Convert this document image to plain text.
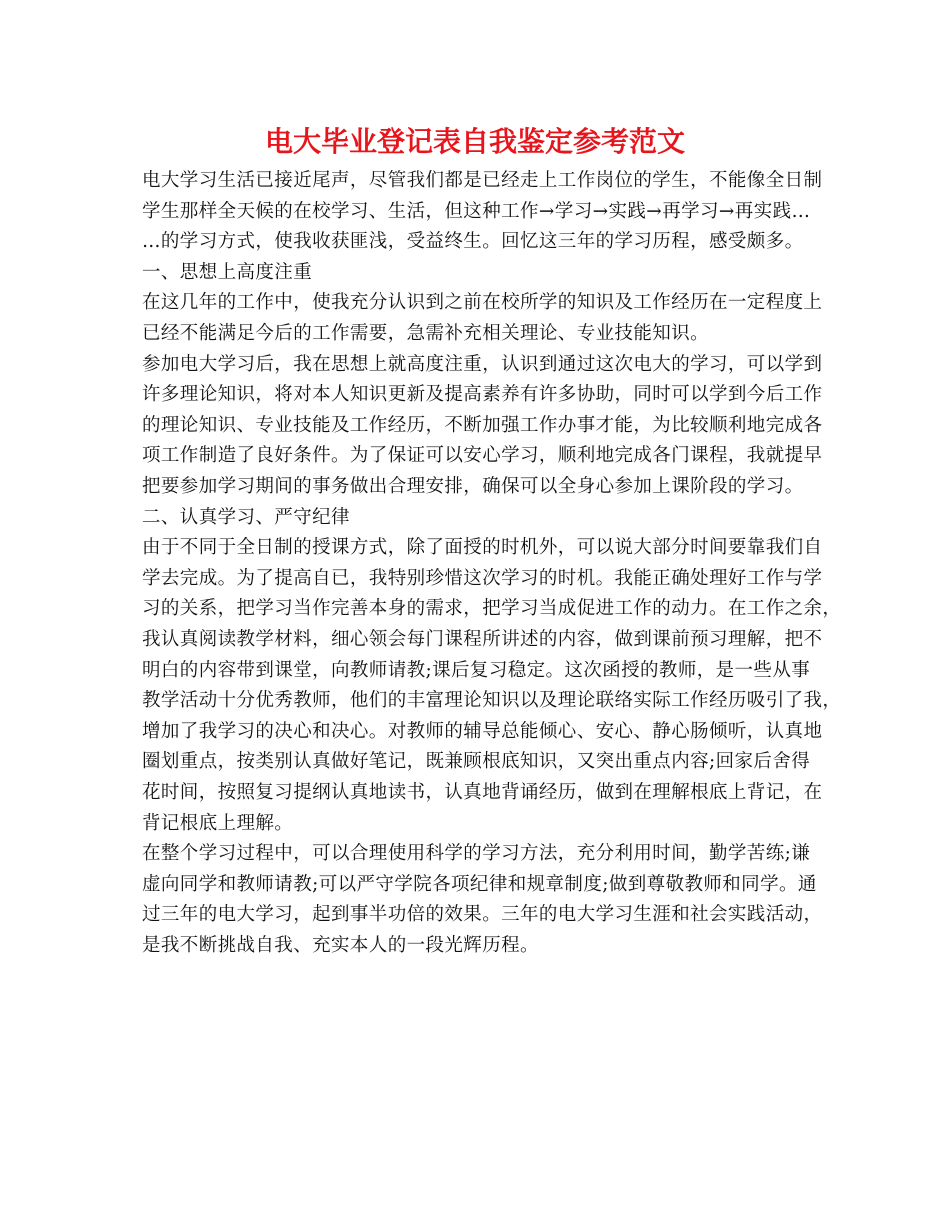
电大毕业登记表自我鉴定参考范文
电大学习生活已接近尾声，尽管我们都是已经走上工作岗位的学生，不能像全日制
学生那样全天候的在校学习、生活，但这种工作→学习→实践→再学习→再实践…
…的学习方式，使我收获匪浅，受益终生。回忆这三年的学习历程，感受颇多。
一、思想上高度注重
在这几年的工作中，使我充分认识到之前在校所学的知识及工作经历在一定程度上
已经不能满足今后的工作需要，急需补充相关理论、专业技能知识。
参加电大学习后，我在思想上就高度注重，认识到通过这次电大的学习，可以学到
许多理论知识，将对本人知识更新及提高素养有许多协助，同时可以学到今后工作
的理论知识、专业技能及工作经历，不断加强工作办事才能，为比较顺利地完成各
项工作制造了良好条件。为了保证可以安心学习，顺利地完成各门课程，我就提早
把要参加学习期间的事务做出合理安排，确保可以全身心参加上课阶段的学习。
二、认真学习、严守纪律
由于不同于全日制的授课方式，除了面授的时机外，可以说大部分时间要靠我们自
学去完成。为了提高自已，我特别珍惜这次学习的时机。我能正确处理好工作与学
习的关系，把学习当作完善本身的需求，把学习当成促进工作的动力。在工作之余，
我认真阅读教学材料，细心领会每门课程所讲述的内容，做到课前预习理解，把不
明白的内容带到课堂，向教师请教;课后复习稳定。这次函授的教师，是一些从事
教学活动十分优秀教师，他们的丰富理论知识以及理论联络实际工作经历吸引了我，
增加了我学习的决心和决心。对教师的辅导总能倾心、安心、静心肠倾听，认真地
圈划重点，按类别认真做好笔记，既兼顾根底知识，又突出重点内容;回家后舍得
花时间，按照复习提纲认真地读书，认真地背诵经历，做到在理解根底上背记，在
背记根底上理解。
在整个学习过程中，可以合理使用科学的学习方法，充分利用时间，勤学苦练;谦
虚向同学和教师请教;可以严守学院各项纪律和规章制度;做到尊敬教师和同学。通
过三年的电大学习，起到事半功倍的效果。三年的电大学习生涯和社会实践活动，
是我不断挑战自我、充实本人的一段光辉历程。
